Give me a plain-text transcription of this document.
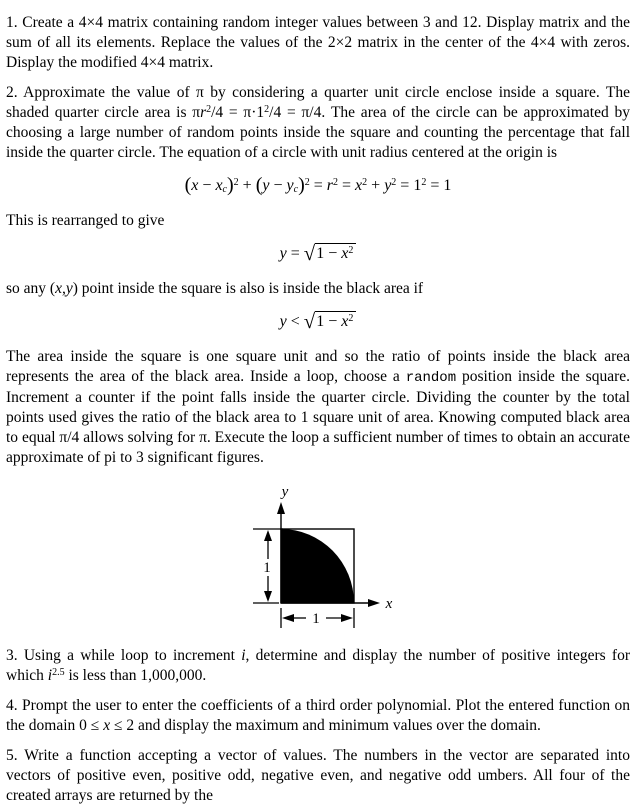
1. Create a 4×4 matrix containing random integer values between 3 and 12. Display matrix and the sum of all its elements. Replace the values of the 2×2 matrix in the center of the 4×4 with zeros. Display the modified 4×4 matrix.

2. Approximate the value of π by considering a quarter unit circle enclose inside a square. The shaded quarter circle area is $\pi r^2/4 = \pi\cdot 1^2/4 = \pi/4$. The area of the circle can be approximated by choosing a large number of random points inside the square and counting the percentage that fall inside the quarter circle. The equation of a circle with unit radius centered at the origin is

$(x - x_c)^2 + (y - y_c)^2 = r^2 = x^2 + y^2 = 1^2 = 1$

This is rearranged to give

$y = √1 - x^2$

so any (x,y) point inside the square is also is inside the black area if

$y < √1 - x^2$

The area inside the square is one square unit and so the ratio of points inside the black area represents the area of the black area. Inside a loop, choose a random position inside the square. Increment a counter if the point falls inside the quarter circle. Dividing the counter by the total points used gives the ratio of the black area to 1 square unit of area. Knowing computed black area to equal π/4 allows solving for π. Execute the loop a sufficient number of times to obtain an accurate approximate of pi to 3 significant figures.

y
x
1
1

3. Using a while loop to increment i, determine and display the number of positive integers for which $i^{2.5}$ is less than 1,000,000.

4. Prompt the user to enter the coefficients of a third order polynomial. Plot the entered function on the domain 0 ≤ x ≤ 2 and display the maximum and minimum values over the domain.

5. Write a function accepting a vector of values. The numbers in the vector are separated into vectors of positive even, positive odd, negative even, and negative odd umbers. All four of the created arrays are returned by the
